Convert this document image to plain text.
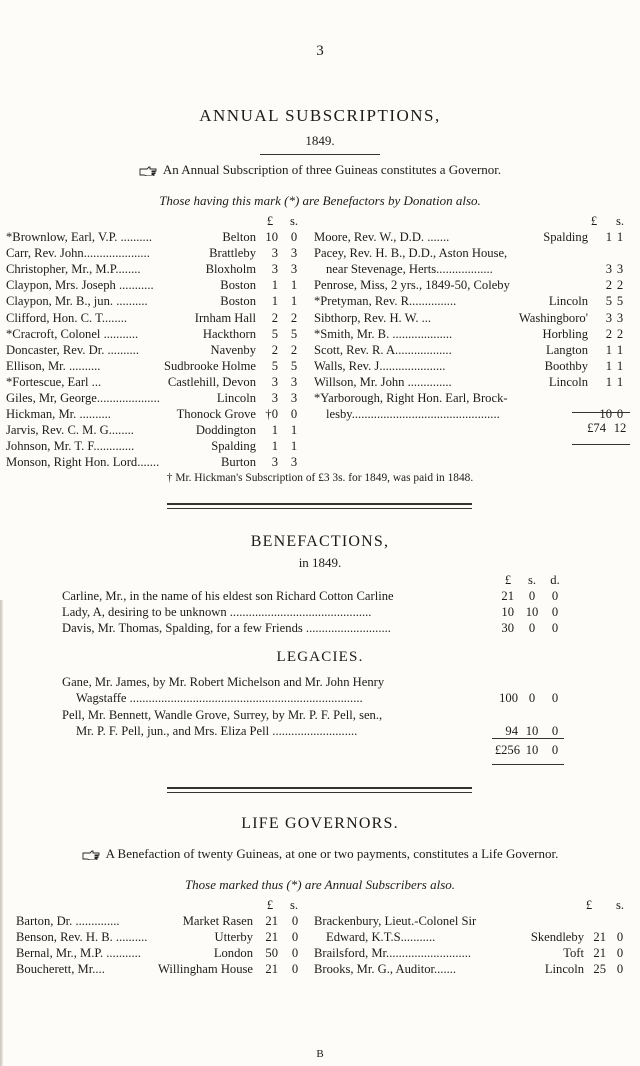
3
ANNUAL SUBSCRIPTIONS,
1849.
An Annual Subscription of three Guineas constitutes a Governor.
Those having this mark (*) are Benefactors by Donation also.
*Brownlow, Earl, V.P. ..........	Belton 10	0
Carr, Rev. John.....................	Brattleby	3	3
Christopher, Mr., M.P........	Bloxholm	3	3
Claypon, Mrs. Joseph ...........	Boston	1	1
Claypon, Mr. B., jun. ..........	Boston	1	1
Clifford, Hon. C. T........	Irnham Hall	2	2
*Cracroft, Colonel ...........	Hackthorn	5	5
Doncaster, Rev. Dr. ..........	Navenby	2	2
Ellison, Mr. ..........	Sudbrooke Holme	5	5
*Fortescue, Earl ...	Castlehill, Devon	3	3
Giles, Mr, George....................	Lincoln	3	3
Hickman, Mr. ..........	Thonock Grove †0	0
Jarvis, Rev. C. M. G........	Doddington	1	1
Johnson, Mr. T. F.............	Spalding	1	1
Monson, Right Hon. Lord.......	Burton	3	3
Moore, Rev. W., D.D. .......	Spalding	1 1
Pacey, Rev. H. B., D.D., Aston House,
near Stevenage, Herts..................	3 3
Penrose, Miss, 2 yrs., 1849-50, Coleby	2 2
*Pretyman, Rev. R...............	Lincoln	5 5
Sibthorp, Rev. H. W. ...	Washingboro'	3 3
*Smith, Mr. B. ...................	Horbling	2 2
Scott, Rev. R. A..................	Langton	1 1
Walls, Rev. J.....................	Boothby	1 1
Willson, Mr. John ..............	Lincoln	1 1
*Yarborough, Right Hon. Earl, Brock-
lesby...............................................	10 0
£	s.	£	s.
£74 12
† Mr. Hickman's Subscription of £3 3s. for 1849, was paid in 1848.
BENEFACTIONS,
in 1849.
£	s.	d.
Carline, Mr., in the name of his eldest son Richard Cotton Carline	21	0	0
Lady, A, desiring to be unknown .............................................	10 10	0
Davis, Mr. Thomas, Spalding, for a few Friends ...........................	30	0	0
LEGACIES.
Gane, Mr. James, by Mr. Robert Michelson and Mr. John Henry
Wagstaffe ..........................................................................	100 0	0
Pell, Mr. Bennett, Wandle Grove, Surrey, by Mr. P. F. Pell, sen.,
Mr. P. F. Pell, jun., and Mrs. Eliza Pell ...........................	94 10	0
£256 10	0
LIFE GOVERNORS.
A Benefaction of twenty Guineas, at one or two payments, constitutes a Life Governor.
Those marked thus (*) are Annual Subscribers also.
£	s.	£	s.
Barton, Dr. ..............	Market Rasen 21	0
Benson, Rev. H. B. ..........	Utterby 21	0
Bernal, Mr., M.P. ...........	London 50	0
Boucherett, Mr....	Willingham House 21	0
Brackenbury, Lieut.-Colonel Sir
Edward, K.T.S...........	Skendleby 21 0
Brailsford, Mr...........................	Toft 21 0
Brooks, Mr. G., Auditor.......	Lincoln 25 0
B
